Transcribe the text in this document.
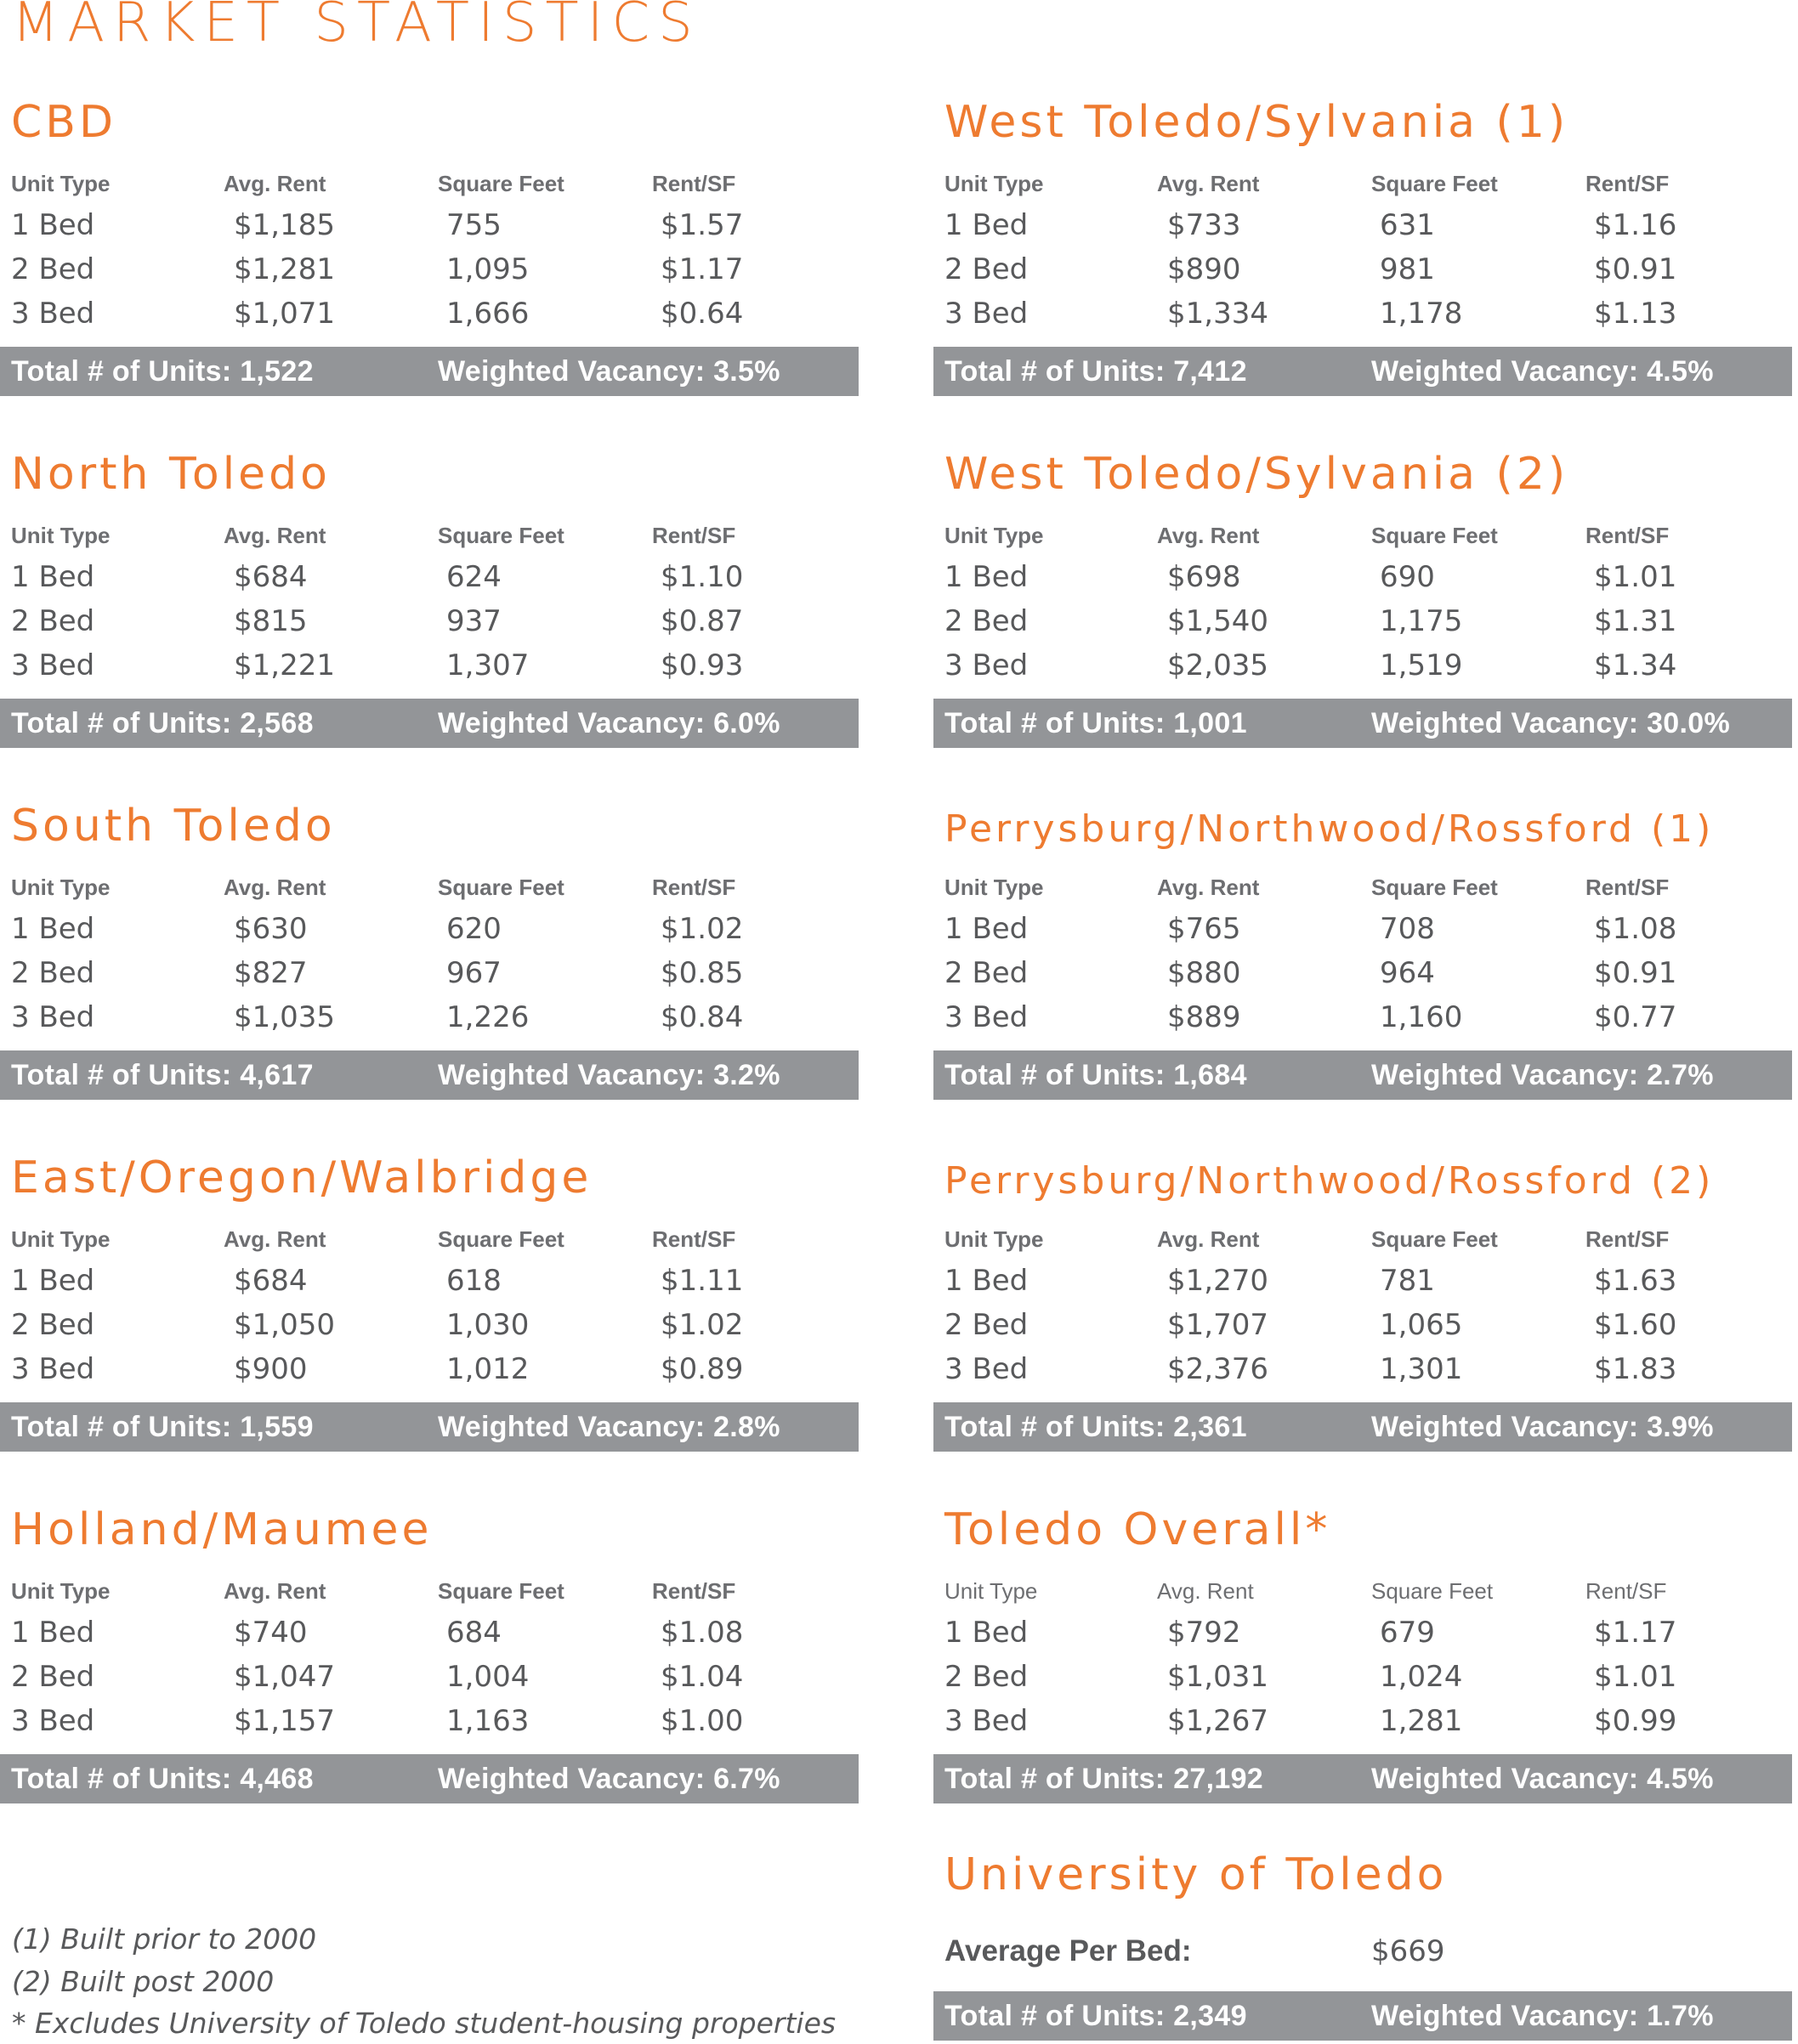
MARKET STATISTICS
CBD
Unit Type	Avg. Rent	Square Feet	Rent/SF
1 Bed	$1,185	755	$1.57
2 Bed	$1,281	1,095	$1.17
3 Bed	$1,071	1,666	$0.64
Total # of Units: 1,522	Weighted Vacancy: 3.5%
West Toledo/Sylvania (1)
Unit Type	Avg. Rent	Square Feet	Rent/SF
1 Bed	$733	631	$1.16
2 Bed	$890	981	$0.91
3 Bed	$1,334	1,178	$1.13
Total # of Units: 7,412	Weighted Vacancy: 4.5%
North Toledo
Unit Type	Avg. Rent	Square Feet	Rent/SF
1 Bed	$684	624	$1.10
2 Bed	$815	937	$0.87
3 Bed	$1,221	1,307	$0.93
Total # of Units: 2,568	Weighted Vacancy: 6.0%
West Toledo/Sylvania (2)
Unit Type	Avg. Rent	Square Feet	Rent/SF
1 Bed	$698	690	$1.01
2 Bed	$1,540	1,175	$1.31
3 Bed	$2,035	1,519	$1.34
Total # of Units: 1,001	Weighted Vacancy: 30.0%
South Toledo
Unit Type	Avg. Rent	Square Feet	Rent/SF
1 Bed	$630	620	$1.02
2 Bed	$827	967	$0.85
3 Bed	$1,035	1,226	$0.84
Total # of Units: 4,617	Weighted Vacancy: 3.2%
Perrysburg/Northwood/Rossford (1)
Unit Type	Avg. Rent	Square Feet	Rent/SF
1 Bed	$765	708	$1.08
2 Bed	$880	964	$0.91
3 Bed	$889	1,160	$0.77
Total # of Units: 1,684	Weighted Vacancy: 2.7%
East/Oregon/Walbridge
Unit Type	Avg. Rent	Square Feet	Rent/SF
1 Bed	$684	618	$1.11
2 Bed	$1,050	1,030	$1.02
3 Bed	$900	1,012	$0.89
Total # of Units: 1,559	Weighted Vacancy: 2.8%
Perrysburg/Northwood/Rossford (2)
Unit Type	Avg. Rent	Square Feet	Rent/SF
1 Bed	$1,270	781	$1.63
2 Bed	$1,707	1,065	$1.60
3 Bed	$2,376	1,301	$1.83
Total # of Units: 2,361	Weighted Vacancy: 3.9%
Holland/Maumee
Unit Type	Avg. Rent	Square Feet	Rent/SF
1 Bed	$740	684	$1.08
2 Bed	$1,047	1,004	$1.04
3 Bed	$1,157	1,163	$1.00
Total # of Units: 4,468	Weighted Vacancy: 6.7%
Toledo Overall*
Unit Type	Avg. Rent	Square Feet	Rent/SF
1 Bed	$792	679	$1.17
2 Bed	$1,031	1,024	$1.01
3 Bed	$1,267	1,281	$0.99
Total # of Units: 27,192	Weighted Vacancy: 4.5%
University of Toledo
Average Per Bed:	$669
Total # of Units: 2,349	Weighted Vacancy: 1.7%
(1) Built prior to 2000
(2) Built post 2000
* Excludes University of Toledo student-housing properties
